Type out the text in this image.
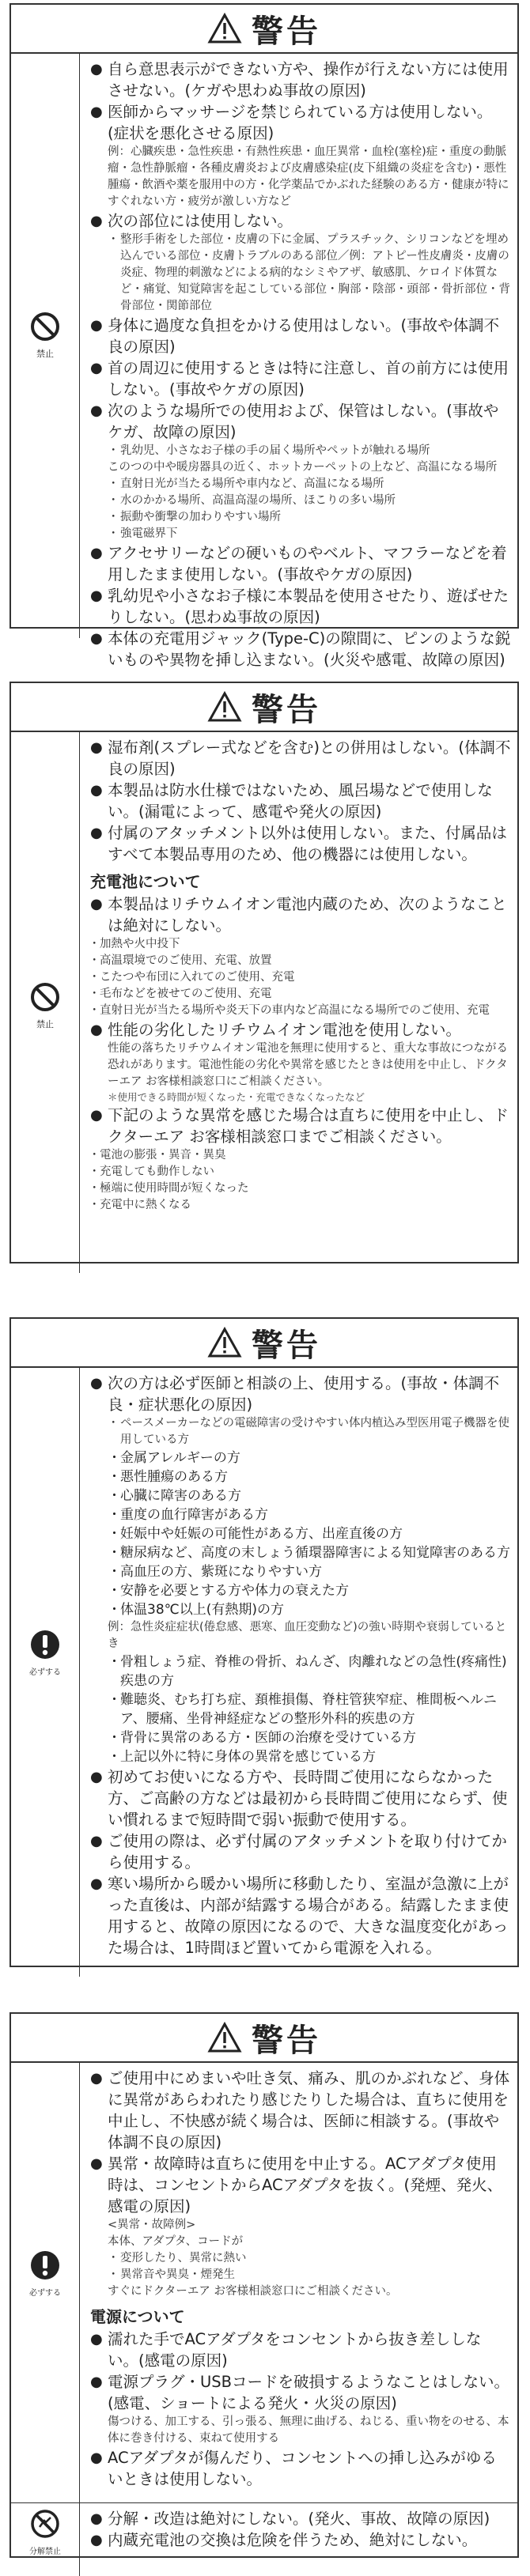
警告
禁止

● 自ら意思表示ができない方や、操作が行えない方には使用させない。(ケガや思わぬ事故の原因)

● 医師からマッサージを禁じられている方は使用しない。(症状を悪化させる原因)

例：心臓疾患・急性疾患・有熱性疾患・血圧異常・血栓(塞栓)症・重度の動脈瘤・急性静脈瘤・各種皮膚炎および皮膚感染症(皮下組織の炎症を含む)・悪性腫瘍・飲酒や薬を服用中の方・化学薬品でかぶれた経験のある方・健康が特にすぐれない方・疲労が激しい方など

● 次の部位には使用しない。

・ 整形手術をした部位・皮膚の下に金属、プラスチック、シリコンなどを埋め込んでいる部位・皮膚トラブルのある部位／例：アトピー性皮膚炎・皮膚の炎症、物理的刺激などによる病的なシミやアザ、敏感肌、ケロイド体質など・痛覚、知覚障害を起こしている部位・胸部・陰部・頭部・骨折部位・背骨部位・関節部位

● 身体に過度な負担をかける使用はしない。(事故や体調不良の原因)

● 首の周辺に使用するときは特に注意し、首の前方には使用しない。(事故やケガの原因)

● 次のような場所での使用および、保管はしない。(事故やケガ、故障の原因)

・ 乳幼児、小さなお子様の手の届く場所やペットが触れる場所

このつの中や暖房器具の近く、ホットカーペットの上など、高温になる場所

・ 直射日光が当たる場所や車内など、高温になる場所

・ 水のかかる場所、高温高湿の場所、ほこりの多い場所

・ 振動や衝撃の加わりやすい場所

・ 強電磁界下

● アクセサリーなどの硬いものやベルト、マフラーなどを着用したまま使用しない。(事故やケガの原因)

● 乳幼児や小さなお子様に本製品を使用させたり、遊ばせたりしない。(思わぬ事故の原因)

● 本体の充電用ジャック(Type-C)の隙間に、ピンのような鋭いものや異物を挿し込まない。(火災や感電、故障の原因)

警告
禁止

● 湿布剤(スプレー式などを含む)との併用はしない。(体調不良の原因)

● 本製品は防水仕様ではないため、風呂場などで使用しない。(漏電によって、感電や発火の原因)

● 付属のアタッチメント以外は使用しない。また、付属品はすべて本製品専用のため、他の機器には使用しない。

充電池について

● 本製品はリチウムイオン電池内蔵のため、次のようなことは絶対にしない。

・ 加熱や火中投下

・ 高温環境でのご使用、充電、放置

・ こたつや布団に入れてのご使用、充電

・ 毛布などを被せてのご使用、充電

・ 直射日光が当たる場所や炎天下の車内など高温になる場所でのご使用、充電

● 性能の劣化したリチウムイオン電池を使用しない。

性能の落ちたリチウムイオン電池を無理に使用すると、重大な事故につながる恐れがあります。電池性能の劣化や異常を感じたときは使用を中止し、ドクターエア お客様相談窓口にご相談ください。

＊使用できる時間が短くなった・充電できなくなったなど

● 下記のような異常を感じた場合は直ちに使用を中止し、ドクターエア お客様相談窓口までご相談ください。

・ 電池の膨張・異音・異臭

・ 充電しても動作しない

・ 極端に使用時間が短くなった

・ 充電中に熱くなる

警告
必ずする

● 次の方は必ず医師と相談の上、使用する。(事故・体調不良・症状悪化の原因)

・ ペースメーカーなどの電磁障害の受けやすい体内植込み型医用電子機器を使用している方

・ 金属アレルギーの方

・ 悪性腫瘍のある方

・ 心臓に障害のある方

・ 重度の血行障害がある方

・ 妊娠中や妊娠の可能性がある方、出産直後の方

・ 糖尿病など、高度の末しょう循環器障害による知覚障害のある方

・ 高血圧の方、紫斑になりやすい方

・ 安静を必要とする方や体力の衰えた方

・ 体温38℃以上(有熱期)の方

例：急性炎症症状(倦怠感、悪寒、血圧変動など)の強い時期や衰弱しているとき

・ 骨粗しょう症、脊椎の骨折、ねんざ、肉離れなどの急性(疼痛性)疾患の方

・ 難聴炎、むち打ち症、頚椎損傷、脊柱管狭窄症、椎間板ヘルニア、腰痛、坐骨神経症などの整形外科的疾患の方

・ 背骨に異常のある方・医師の治療を受けている方

・ 上記以外に特に身体の異常を感じている方

● 初めてお使いになる方や、長時間ご使用にならなかった方、ご高齢の方などは最初から長時間ご使用にならず、使い慣れるまで短時間で弱い振動で使用する。

● ご使用の際は、必ず付属のアタッチメントを取り付けてから使用する。

● 寒い場所から暖かい場所に移動したり、室温が急激に上がった直後は、内部が結露する場合がある。結露したまま使用すると、故障の原因になるので、大きな温度変化があった場合は、1時間ほど置いてから電源を入れる。

警告
必ずする

● ご使用中にめまいや吐き気、痛み、肌のかぶれなど、身体に異常があらわれたり感じたりした場合は、直ちに使用を中止し、不快感が続く場合は、医師に相談する。(事故や体調不良の原因)

● 異常・故障時は直ちに使用を中止する。ACアダプタ使用時は、コンセントからACアダプタを抜く。(発煙、発火、感電の原因)

<異常・故障例>

本体、アダプタ、コードが

・ 変形したり、異常に熱い

・ 異常音や異臭・煙発生

すぐにドクターエア お客様相談窓口にご相談ください。

電源について

● 濡れた手でACアダプタをコンセントから抜き差ししない。(感電の原因)

● 電源プラグ・USBコードを破損するようなことはしない。(感電、ショートによる発火・火災の原因)

傷つける、加工する、引っ張る、無理に曲げる、ねじる、重い物をのせる、本体に巻き付ける、束ねて使用する

● ACアダプタが傷んだり、コンセントへの挿し込みがゆるいときは使用しない。

分解禁止

● 分解・改造は絶対にしない。(発火、事故、故障の原因)

● 内蔵充電池の交換は危険を伴うため、絶対にしない。
